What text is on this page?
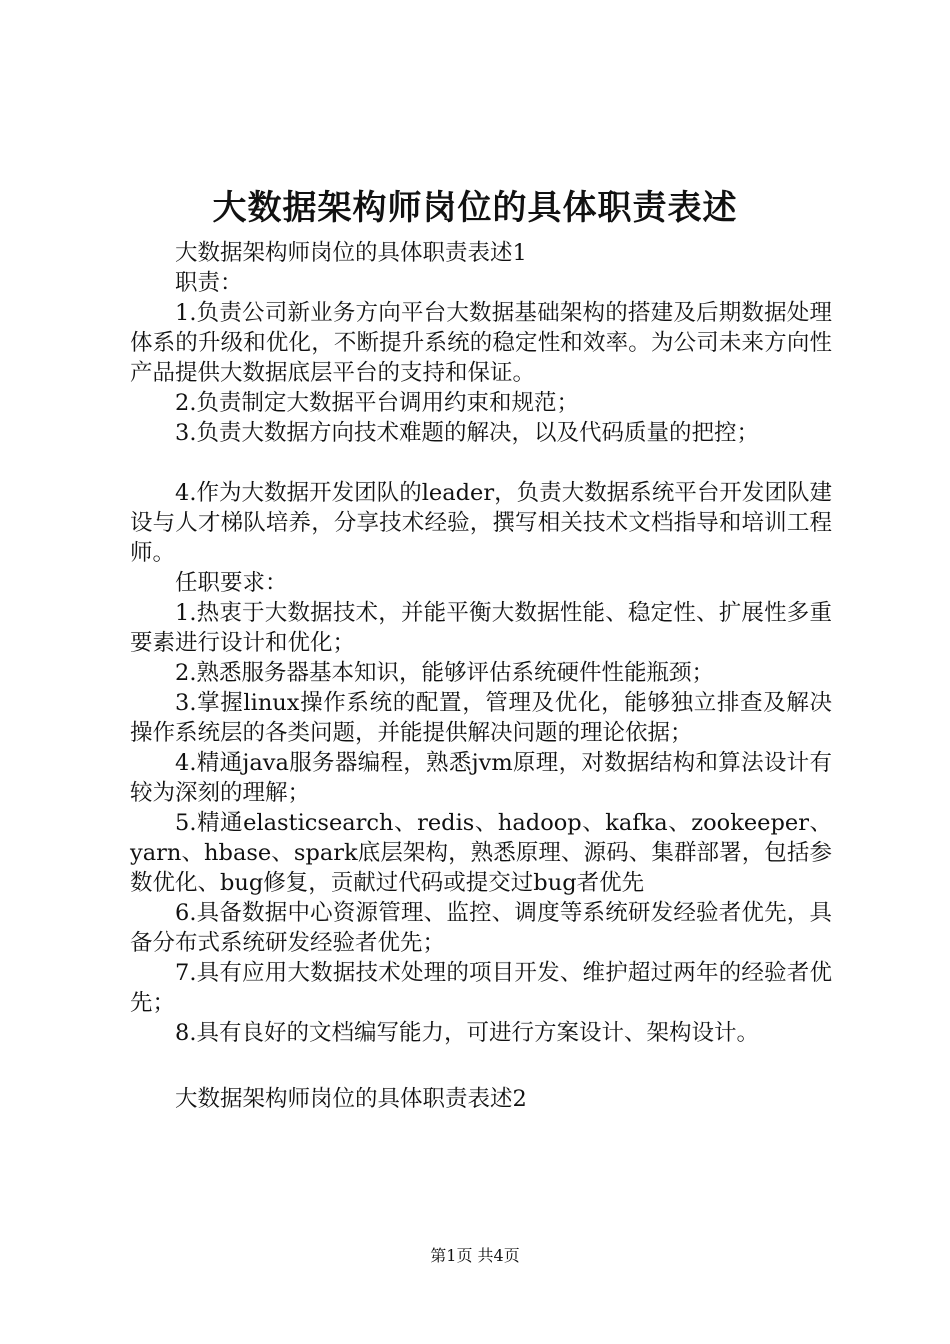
大数据架构师岗位的具体职责表述

大数据架构师岗位的具体职责表述1

职责：

1.负责公司新业务方向平台大数据基础架构的搭建及后期数据处理体系的升级和优化，不断提升系统的稳定性和效率。为公司未来方向性产品提供大数据底层平台的支持和保证。

2.负责制定大数据平台调用约束和规范；

3.负责大数据方向技术难题的解决，以及代码质量的把控；

4.作为大数据开发团队的leader，负责大数据系统平台开发团队建设与人才梯队培养，分享技术经验，撰写相关技术文档指导和培训工程师。

任职要求：

1.热衷于大数据技术，并能平衡大数据性能、稳定性、扩展性多重要素进行设计和优化；

2.熟悉服务器基本知识，能够评估系统硬件性能瓶颈；

3.掌握linux操作系统的配置，管理及优化，能够独立排查及解决操作系统层的各类问题，并能提供解决问题的理论依据；

4.精通java服务器编程，熟悉jvm原理，对数据结构和算法设计有较为深刻的理解；

5.精通elasticsearch、redis、hadoop、kafka、zookeeper、yarn、hbase、spark底层架构，熟悉原理、源码、集群部署，包括参数优化、bug修复，贡献过代码或提交过bug者优先

6.具备数据中心资源管理、监控、调度等系统研发经验者优先，具备分布式系统研发经验者优先；

7.具有应用大数据技术处理的项目开发、维护超过两年的经验者优先；

8.具有良好的文档编写能力，可进行方案设计、架构设计。

大数据架构师岗位的具体职责表述2

第1页 共4页
